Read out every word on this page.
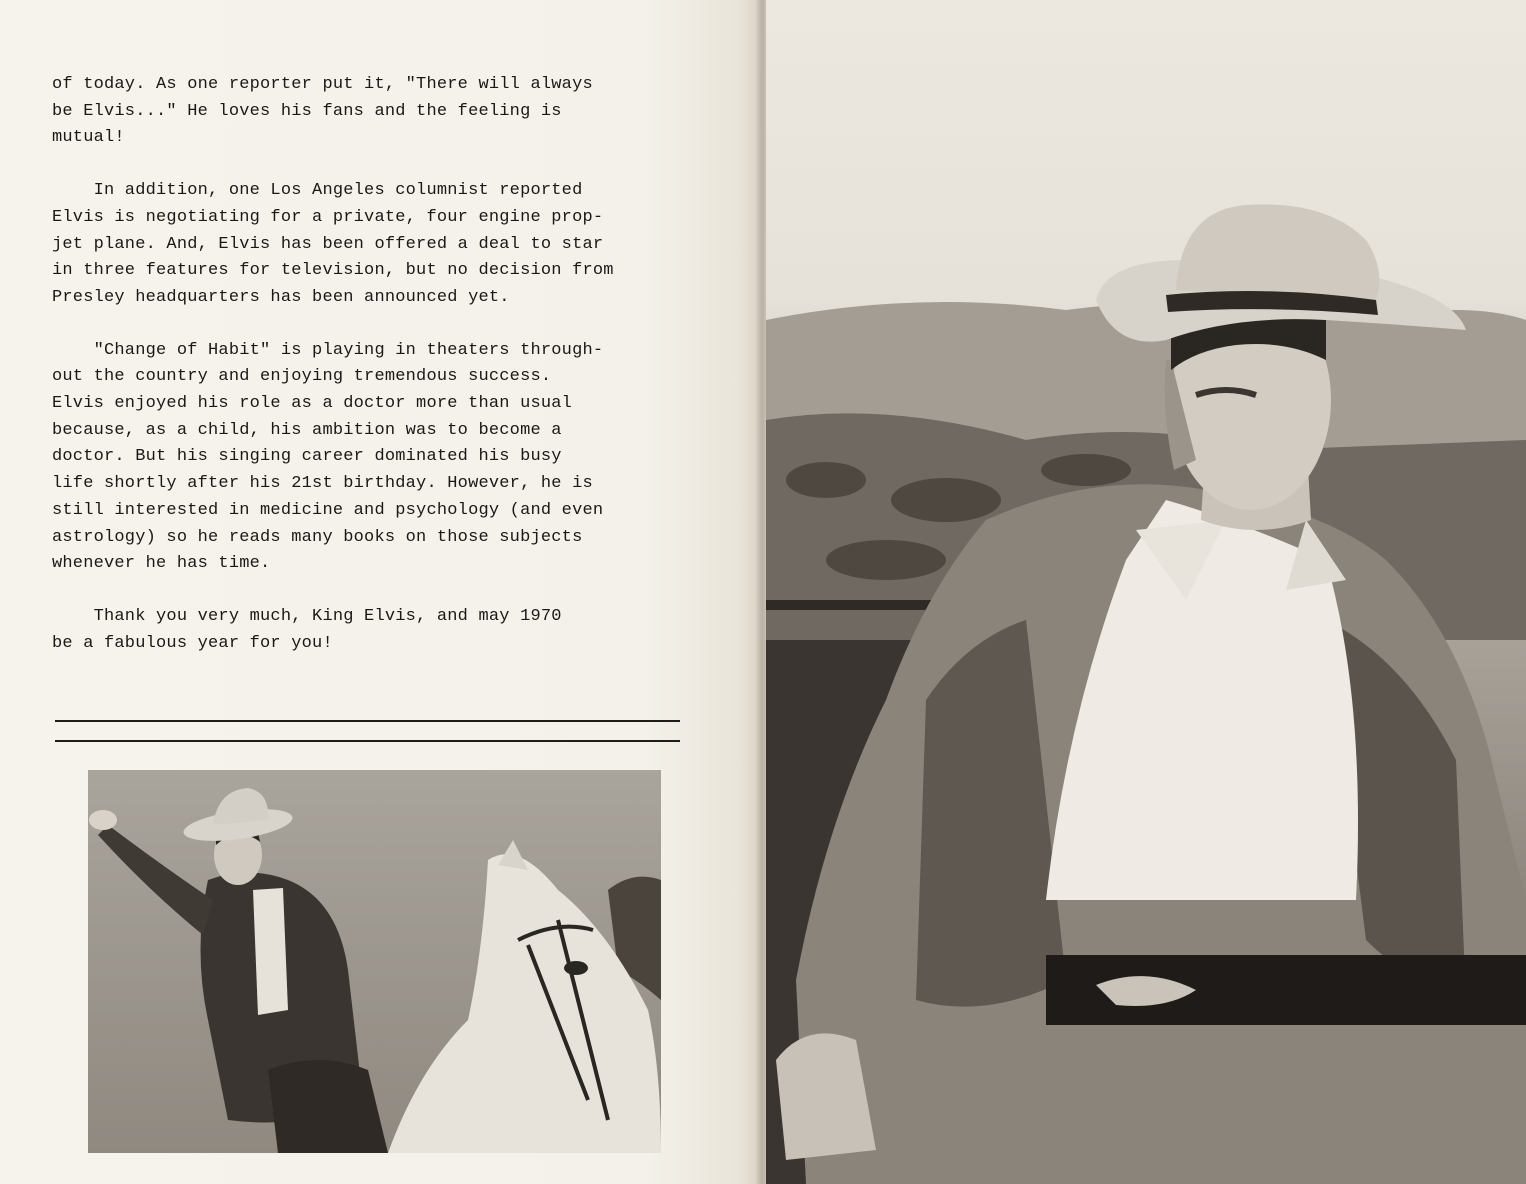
of today. As one reporter put it, "There will always
be Elvis..." He loves his fans and the feeling is
mutual!

In addition, one Los Angeles columnist reported
Elvis is negotiating for a private, four engine prop-
jet plane. And, Elvis has been offered a deal to star
in three features for television, but no decision from
Presley headquarters has been announced yet.

"Change of Habit" is playing in theaters through-
out the country and enjoying tremendous success.
Elvis enjoyed his role as a doctor more than usual
because, as a child, his ambition was to become a
doctor. But his singing career dominated his busy
life shortly after his 21st birthday. However, he is
still interested in medicine and psychology (and even
astrology) so he reads many books on those subjects
whenever he has time.

Thank you very much, King Elvis, and may 1970
be a fabulous year for you!
